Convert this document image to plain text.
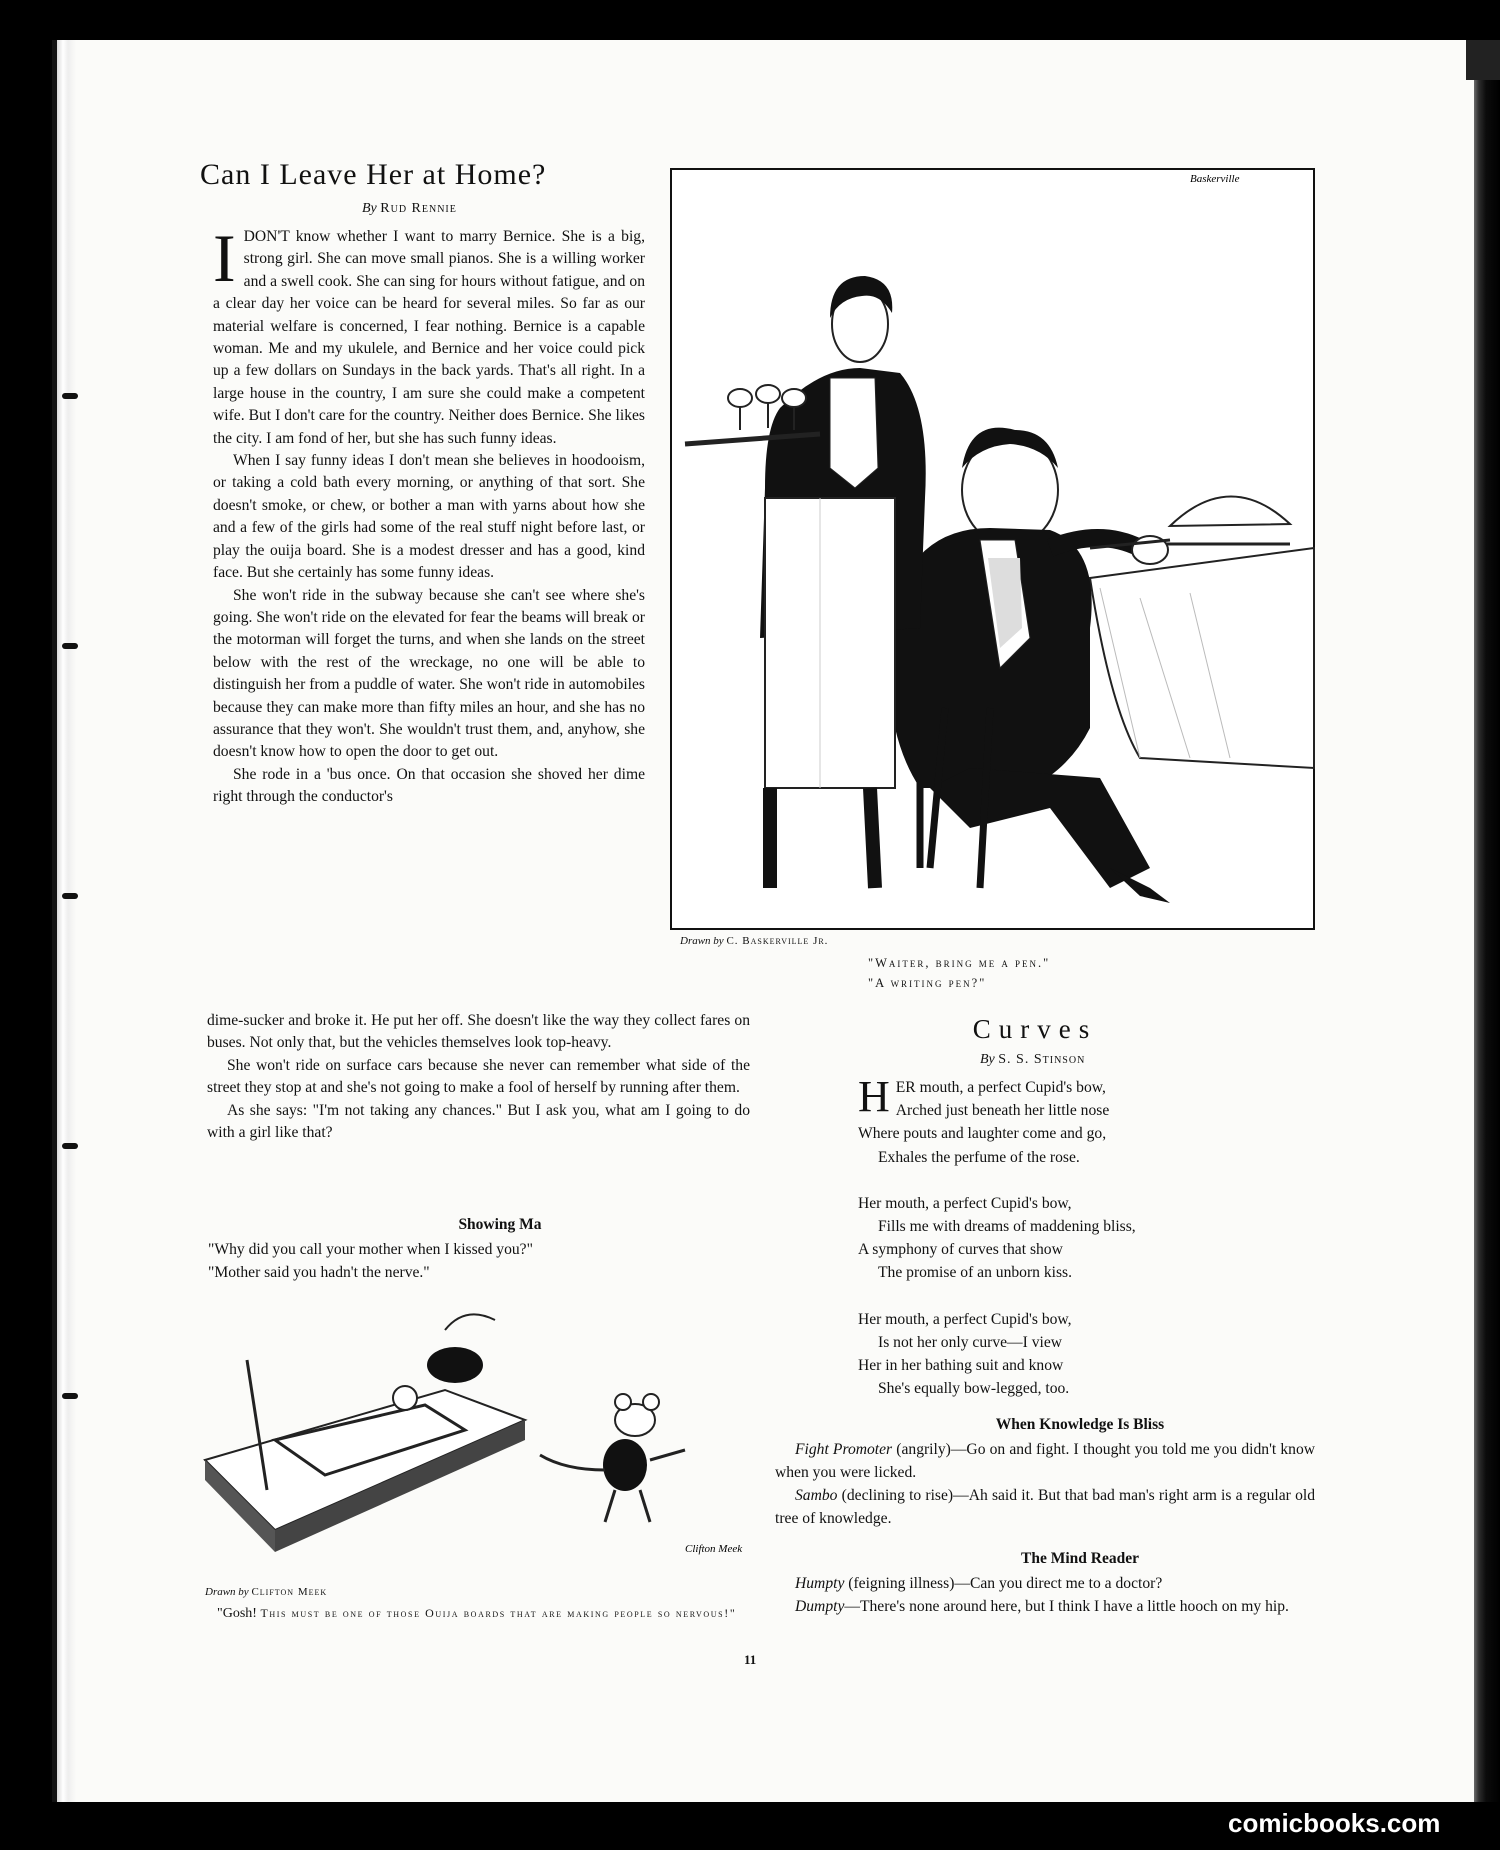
Can I Leave Her at Home?
By Rud Rennie

IDON'T know whether I want to marry Bernice. She is a big, strong girl. She can move small pianos. She is a willing worker and a swell cook. She can sing for hours without fatigue, and on a clear day her voice can be heard for several miles. So far as our material welfare is concerned, I fear nothing. Bernice is a capable woman. Me and my ukulele, and Bernice and her voice could pick up a few dollars on Sundays in the back yards. That's all right. In a large house in the country, I am sure she could make a competent wife. But I don't care for the country. Neither does Bernice. She likes the city. I am fond of her, but she has such funny ideas.

When I say funny ideas I don't mean she believes in hoodooism, or taking a cold bath every morning, or anything of that sort. She doesn't smoke, or chew, or bother a man with yarns about how she and a few of the girls had some of the real stuff night before last, or play the ouija board. She is a modest dresser and has a good, kind face. But she certainly has some funny ideas.

She won't ride in the subway because she can't see where she's going. She won't ride on the elevated for fear the beams will break or the motorman will forget the turns, and when she lands on the street below with the rest of the wreckage, no one will be able to distinguish her from a puddle of water. She won't ride in automobiles because they can make more than fifty miles an hour, and she has no assurance that they won't. She wouldn't trust them, and, anyhow, she doesn't know how to open the door to get out.

She rode in a 'bus once. On that occasion she shoved her dime right through the conductor's

dime-sucker and broke it. He put her off. She doesn't like the way they collect fares on buses. Not only that, but the vehicles themselves look top-heavy.

She won't ride on surface cars because she never can remember what side of the street they stop at and she's not going to make a fool of herself by running after them.

As she says: "I'm not taking any chances." But I ask you, what am I going to do with a girl like that?

Baskerville
Drawn by C. Baskerville Jr.
"Waiter, bring me a pen."
"A writing pen?"
Showing Ma
"Why did you call your mother when I kissed you?"
"Mother said you hadn't the nerve."
Clifton Meek
Drawn by Clifton Meek
"Gosh! This must be one of those Ouija boards that are making people so nervous!"
Curves
By S. S. Stinson
HER mouth, a perfect Cupid's bow,
Arched just beneath her little nose
Where pouts and laughter come and go,
Exhales the perfume of the rose.
Her mouth, a perfect Cupid's bow,
Fills me with dreams of maddening bliss,
A symphony of curves that show
The promise of an unborn kiss.
Her mouth, a perfect Cupid's bow,
Is not her only curve—I view
Her in her bathing suit and know
She's equally bow-legged, too.
When Knowledge Is Bliss

Fight Promoter (angrily)—Go on and fight. I thought you told me you didn't know when you were licked.

Sambo (declining to rise)—Ah said it. But that bad man's right arm is a regular old tree of knowledge.

The Mind Reader

Humpty (feigning illness)—Can you direct me to a doctor?

Dumpty—There's none around here, but I think I have a little hooch on my hip.

11
comicbooks.com
